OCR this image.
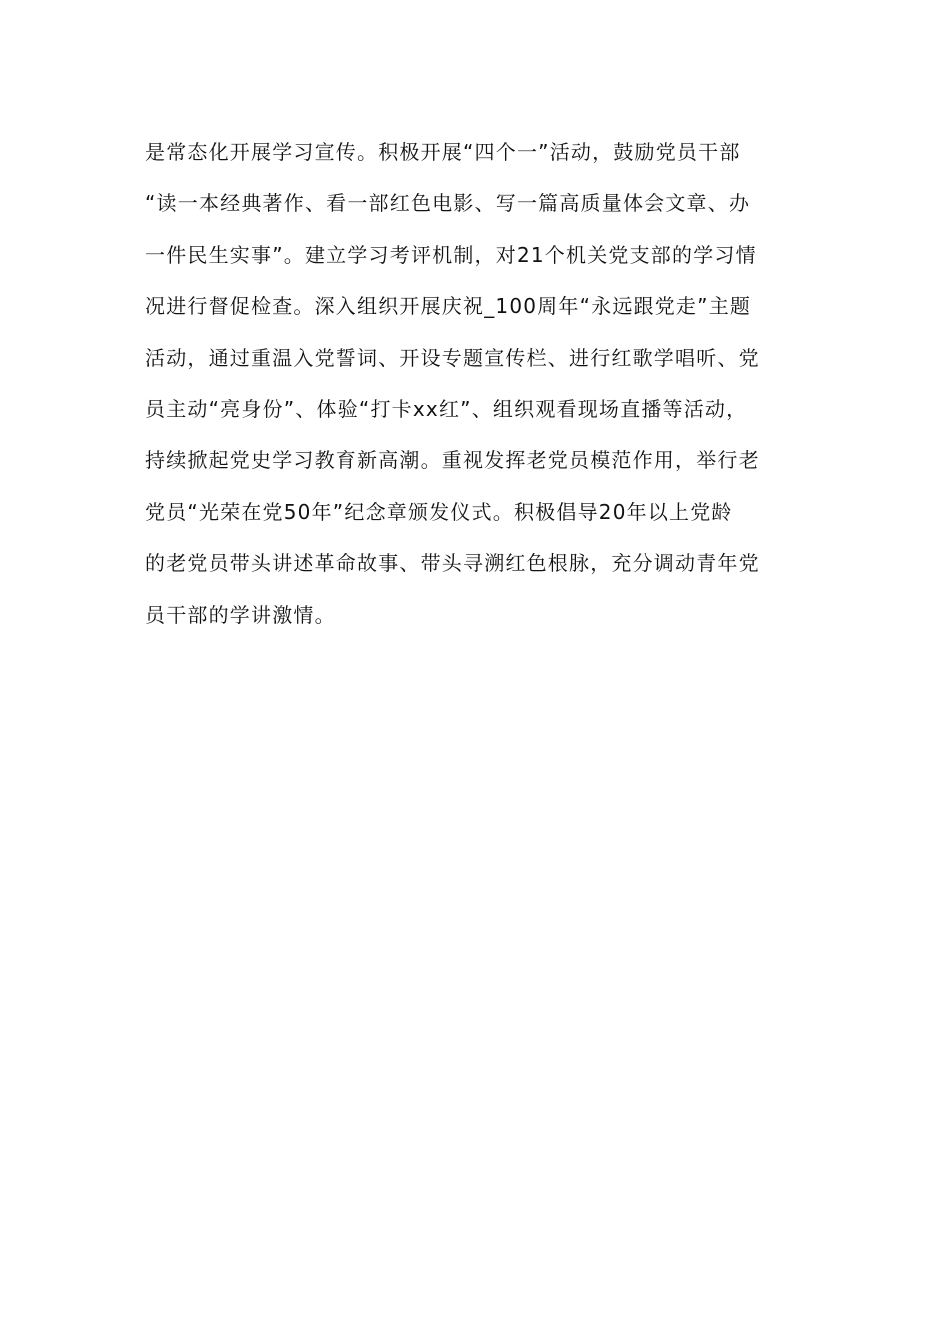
是常态化开展学习宣传。积极开展“四个一”活动，鼓励党员干部
“读一本经典著作、看一部红色电影、写一篇高质量体会文章、办
一件民生实事”。建立学习考评机制，对21个机关党支部的学习情
况进行督促检查。深入组织开展庆祝_100周年“永远跟党走”主题
活动，通过重温入党誓词、开设专题宣传栏、进行红歌学唱听、党
员主动“亮身份”、体验“打卡xx红”、组织观看现场直播等活动，
持续掀起党史学习教育新高潮。重视发挥老党员模范作用，举行老
党员“光荣在党50年”纪念章颁发仪式。积极倡导20年以上党龄
的老党员带头讲述革命故事、带头寻溯红色根脉，充分调动青年党
员干部的学讲激情。
